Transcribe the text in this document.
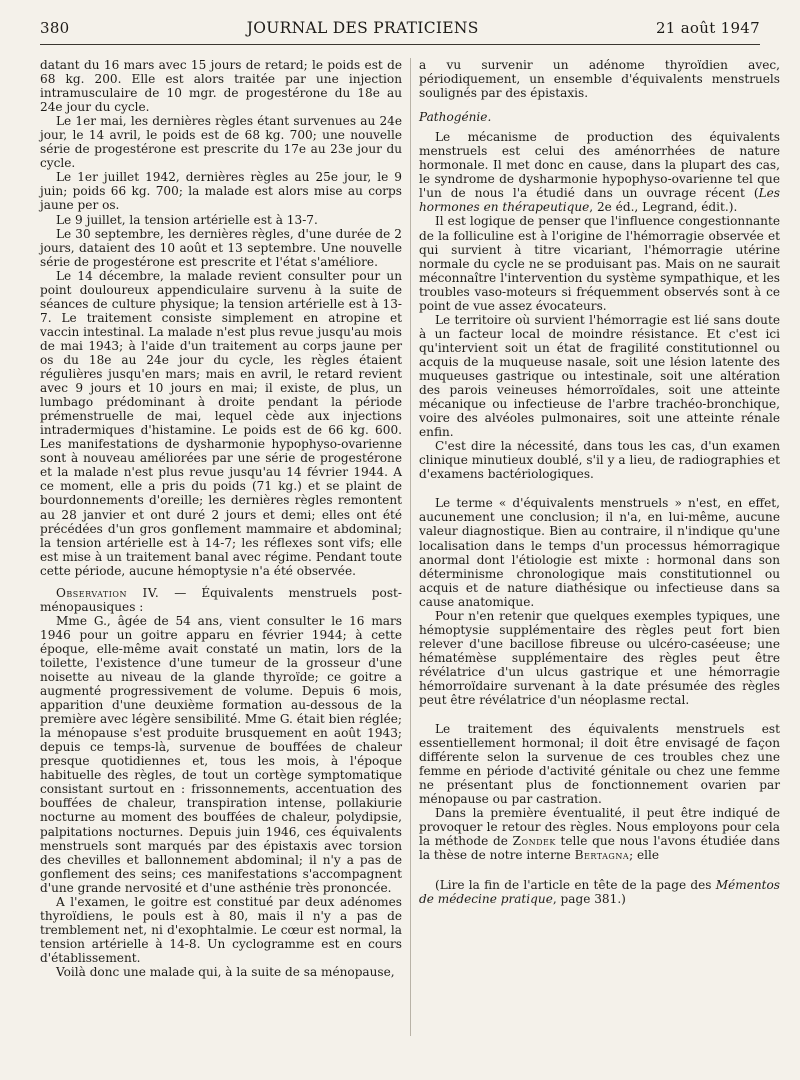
380	JOURNAL DES PRATICIENS	21 août 1947

datant du 16 mars avec 15 jours de retard; le poids est de 68 kg. 200. Elle est alors traitée par une injection intramusculaire de 10 mgr. de progestérone du 18e au 24e jour du cycle.

Le 1er mai, les dernières règles étant survenues au 24e jour, le 14 avril, le poids est de 68 kg. 700; une nouvelle série de progestérone est prescrite du 17e au 23e jour du cycle.

Le 1er juillet 1942, dernières règles au 25e jour, le 9 juin; poids 66 kg. 700; la malade est alors mise au corps jaune per os.

Le 9 juillet, la tension artérielle est à 13-7.

Le 30 septembre, les dernières règles, d'une durée de 2 jours, dataient des 10 août et 13 septembre. Une nouvelle série de progestérone est prescrite et l'état s'améliore.

Le 14 décembre, la malade revient consulter pour un point douloureux appendiculaire survenu à la suite de séances de culture physique; la tension artérielle est à 13-7. Le traitement consiste simplement en atropine et vaccin intestinal. La malade n'est plus revue jusqu'au mois de mai 1943; à l'aide d'un traitement au corps jaune per os du 18e au 24e jour du cycle, les règles étaient régulières jusqu'en mars; mais en avril, le retard revient avec 9 jours et 10 jours en mai; il existe, de plus, un lumbago prédominant à droite pendant la période prémenstruelle de mai, lequel cède aux injections intradermiques d'histamine. Le poids est de 66 kg. 600. Les manifestations de dysharmonie hypophyso-ovarienne sont à nouveau améliorées par une série de progestérone et la malade n'est plus revue jusqu'au 14 février 1944. A ce moment, elle a pris du poids (71 kg.) et se plaint de bourdonnements d'oreille; les dernières règles remontent au 28 janvier et ont duré 2 jours et demi; elles ont été précédées d'un gros gonflement mammaire et abdominal; la tension artérielle est à 14-7; les réflexes sont vifs; elle est mise à un traitement banal avec régime. Pendant toute cette période, aucune hémoptysie n'a été observée.

Observation IV. — Équivalents menstruels post-ménopausiques :

Mme G., âgée de 54 ans, vient consulter le 16 mars 1946 pour un goitre apparu en février 1944; à cette époque, elle-même avait constaté un matin, lors de la toilette, l'existence d'une tumeur de la grosseur d'une noisette au niveau de la glande thyroïde; ce goitre a augmenté progressivement de volume. Depuis 6 mois, apparition d'une deuxième formation au-dessous de la première avec légère sensibilité. Mme G. était bien réglée; la ménopause s'est produite brusquement en août 1943; depuis ce temps-là, survenue de bouffées de chaleur presque quotidiennes et, tous les mois, à l'époque habituelle des règles, de tout un cortège symptomatique consistant surtout en : frissonnements, accentuation des bouffées de chaleur, transpiration intense, pollakiurie nocturne au moment des bouffées de chaleur, polydipsie, palpitations nocturnes. Depuis juin 1946, ces équivalents menstruels sont marqués par des épistaxis avec torsion des chevilles et ballonnement abdominal; il n'y a pas de gonflement des seins; ces manifestations s'accompagnent d'une grande nervosité et d'une asthénie très prononcée.

A l'examen, le goitre est constitué par deux adénomes thyroïdiens, le pouls est à 80, mais il n'y a pas de tremblement net, ni d'exophtalmie. Le cœur est normal, la tension artérielle à 14-8. Un cyclogramme est en cours d'établissement.

Voilà donc une malade qui, à la suite de sa ménopause,

a vu survenir un adénome thyroïdien avec, périodiquement, un ensemble d'équivalents menstruels soulignés par des épistaxis.

Pathogénie.

Le mécanisme de production des équivalents menstruels est celui des aménorrhées de nature hormonale. Il met donc en cause, dans la plupart des cas, le syndrome de dysharmonie hypophyso-ovarienne tel que l'un de nous l'a étudié dans un ouvrage récent (Les hormones en thérapeutique, 2e éd., Legrand, édit.).

Il est logique de penser que l'influence congestionnante de la folliculine est à l'origine de l'hémorragie observée et qui survient à titre vicariant, l'hémorragie utérine normale du cycle ne se produisant pas. Mais on ne saurait méconnaître l'intervention du système sympathique, et les troubles vaso-moteurs si fréquemment observés sont à ce point de vue assez évocateurs.

Le territoire où survient l'hémorragie est lié sans doute à un facteur local de moindre résistance. Et c'est ici qu'intervient soit un état de fragilité constitutionnel ou acquis de la muqueuse nasale, soit une lésion latente des muqueuses gastrique ou intestinale, soit une altération des parois veineuses hémorroïdales, soit une atteinte mécanique ou infectieuse de l'arbre trachéo-bronchique, voire des alvéoles pulmonaires, soit une atteinte rénale enfin.

C'est dire la nécessité, dans tous les cas, d'un examen clinique minutieux doublé, s'il y a lieu, de radiographies et d'examens bactériologiques.

Le terme « d'équivalents menstruels » n'est, en effet, aucunement une conclusion; il n'a, en lui-même, aucune valeur diagnostique. Bien au contraire, il n'indique qu'une localisation dans le temps d'un processus hémorragique anormal dont l'étiologie est mixte : hormonal dans son déterminisme chronologique mais constitutionnel ou acquis et de nature diathésique ou infectieuse dans sa cause anatomique.

Pour n'en retenir que quelques exemples typiques, une hémoptysie supplémentaire des règles peut fort bien relever d'une bacillose fibreuse ou ulcéro-caséeuse; une hématémèse supplémentaire des règles peut être révélatrice d'un ulcus gastrique et une hémorragie hémorroïdaire survenant à la date présumée des règles peut être révélatrice d'un néoplasme rectal.

Le traitement des équivalents menstruels est essentiellement hormonal; il doit être envisagé de façon différente selon la survenue de ces troubles chez une femme en période d'activité génitale ou chez une femme ne présentant plus de fonctionnement ovarien par ménopause ou par castration.

Dans la première éventualité, il peut être indiqué de provoquer le retour des règles. Nous employons pour cela la méthode de Zondek telle que nous l'avons étudiée dans la thèse de notre interne Bertagna; elle

(Lire la fin de l'article en tête de la page des Mémentos de médecine pratique, page 381.)
